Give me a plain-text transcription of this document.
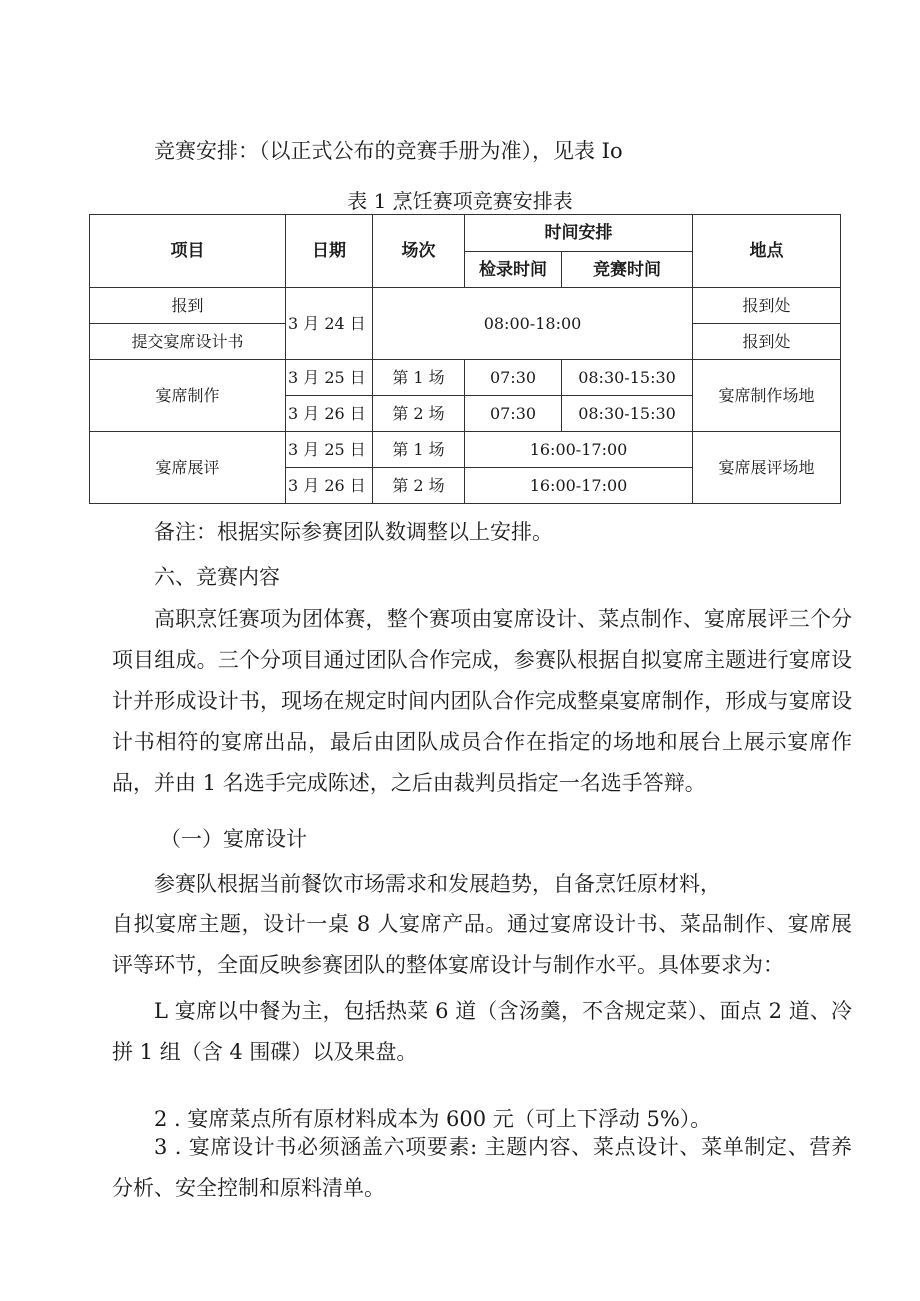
竞赛安排：（以正式公布的竞赛手册为准），见表 Io
表 1 烹饪赛项竞赛安排表
项目	日期	场次	时间安排		地点
			检录时间	竞赛时间	
报到	3 月 24 日	08:00-18:00			报到处
提交宴席设计书					报到处
宴席制作	3 月 25 日	第 1 场	07:30	08:30-15:30	宴席制作场地
	3 月 26 日	第 2 场	07:30	08:30-15:30	
宴席展评	3 月 25 日	第 1 场	16:00-17:00		宴席展评场地
	3 月 26 日	第 2 场	16:00-17:00		
备注：根据实际参赛团队数调整以上安排。
六、竞赛内容
高职烹饪赛项为团体赛，整个赛项由宴席设计、菜点制作、宴席展评三个分项目组成。三个分项目通过团队合作完成，参赛队根据自拟宴席主题进行宴席设计并形成设计书，现场在规定时间内团队合作完成整桌宴席制作，形成与宴席设计书相符的宴席出品，最后由团队成员合作在指定的场地和展台上展示宴席作品，并由 1 名选手完成陈述，之后由裁判员指定一名选手答辩。
（一）宴席设计
参赛队根据当前餐饮市场需求和发展趋势，自备烹饪原材料，
自拟宴席主题，设计一桌 8 人宴席产品。通过宴席设计书、菜品制作、宴席展评等环节，全面反映参赛团队的整体宴席设计与制作水平。具体要求为：
L 宴席以中餐为主，包括热菜 6 道（含汤羹，不含规定菜）、面点 2 道、冷拼 1 组（含 4 围碟）以及果盘。
2 . 宴席菜点所有原材料成本为 600 元（可上下浮动 5%）。
3 . 宴席设计书必须涵盖六项要素: 主题内容、菜点设计、菜单制定、营养分析、安全控制和原料清单。
